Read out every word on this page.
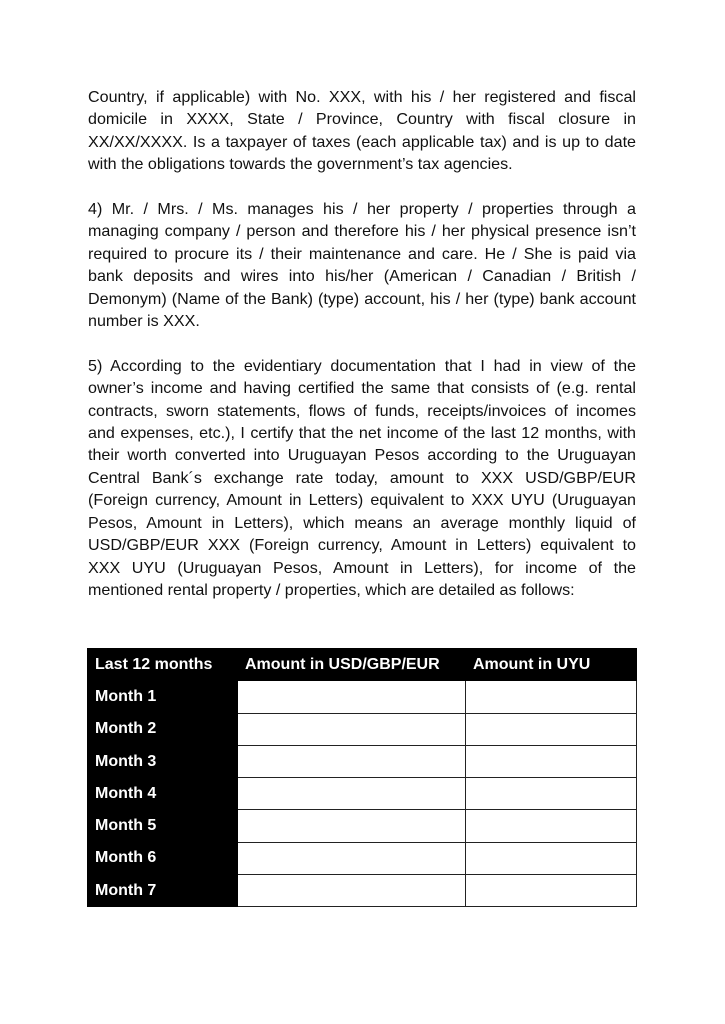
Country, if applicable) with No. XXX, with his / her registered and fiscal domicile in XXXX, State / Province, Country with fiscal closure in XX/XX/XXXX. Is a taxpayer of taxes (each applicable tax) and is up to date with the obligations towards the government’s tax agencies.

4) Mr. / Mrs. / Ms. manages his / her property / properties through a managing company / person and therefore his / her physical presence isn’t required to procure its / their maintenance and care. He / She is paid via bank deposits and wires into his/her (American / Canadian / British / Demonym) (Name of the Bank) (type) account, his / her (type) bank account number is XXX.

5) According to the evidentiary documentation that I had in view of the owner’s income and having certified the same that consists of (e.g. rental contracts, sworn statements, flows of funds, receipts/invoices of incomes and expenses, etc.), I certify that the net income of the last 12 months, with their worth converted into Uruguayan Pesos according to the Uruguayan Central Bank´s exchange rate today, amount to XXX USD/GBP/EUR (Foreign currency, Amount in Letters) equivalent to XXX UYU (Uruguayan Pesos, Amount in Letters), which means an average monthly liquid of USD/GBP/EUR XXX (Foreign currency, Amount in Letters) equivalent to XXX UYU (Uruguayan Pesos, Amount in Letters), for income of the mentioned rental property / properties, which are detailed as follows:

Last 12 months	Amount in USD/GBP/EUR	Amount in UYU
Month 1		
Month 2		
Month 3		
Month 4		
Month 5		
Month 6		
Month 7		
